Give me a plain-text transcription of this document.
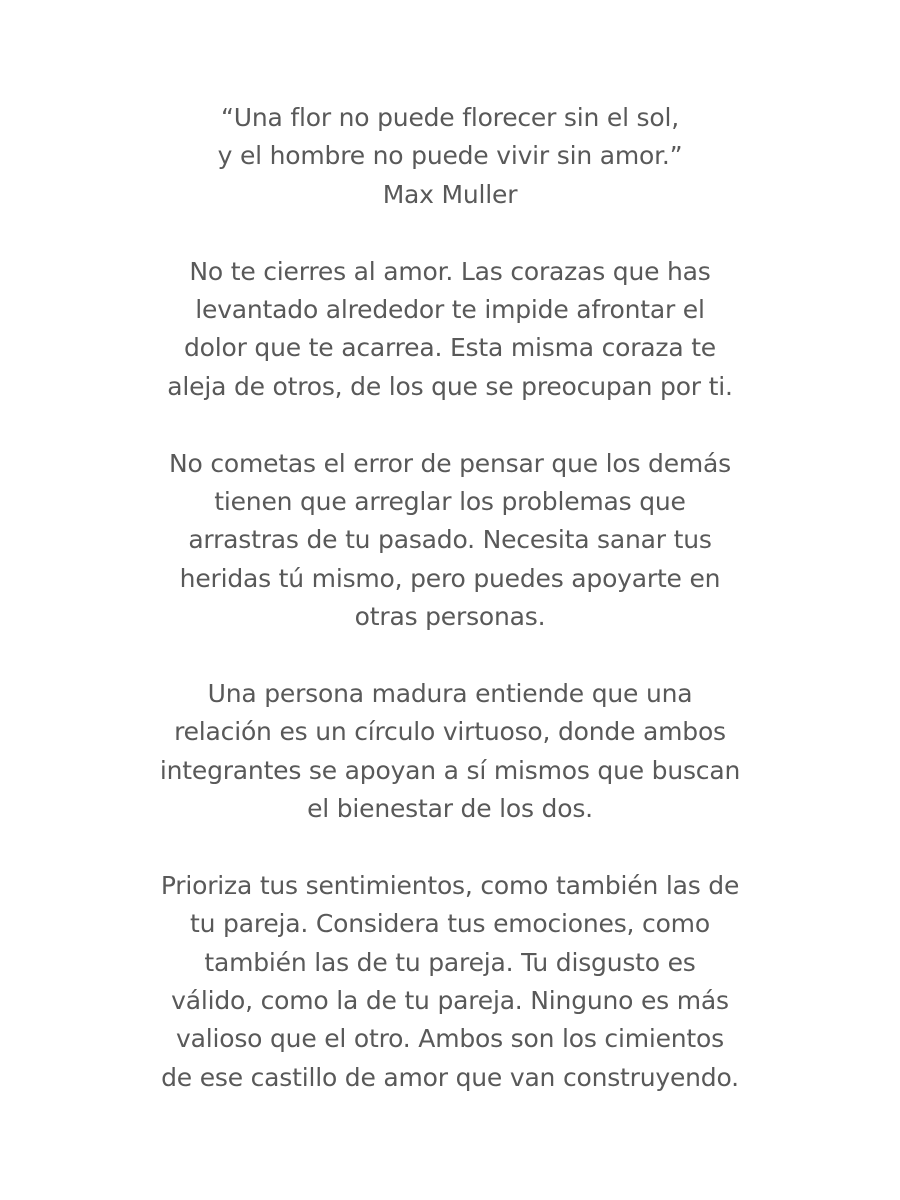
“Una flor no puede florecer sin el sol,
y el hombre no puede vivir sin amor.”
Max Muller
No te cierres al amor. Las corazas que has
levantado alrededor te impide afrontar el
dolor que te acarrea. Esta misma coraza te
aleja de otros, de los que se preocupan por ti.
No cometas el error de pensar que los demás
tienen que arreglar los problemas que
arrastras de tu pasado. Necesita sanar tus
heridas tú mismo, pero puedes apoyarte en
otras personas.
Una persona madura entiende que una
relación es un círculo virtuoso, donde ambos
integrantes se apoyan a sí mismos que buscan
el bienestar de los dos.
Prioriza tus sentimientos, como también las de
tu pareja. Considera tus emociones, como
también las de tu pareja. Tu disgusto es
válido, como la de tu pareja. Ninguno es más
valioso que el otro. Ambos son los cimientos
de ese castillo de amor que van construyendo.
